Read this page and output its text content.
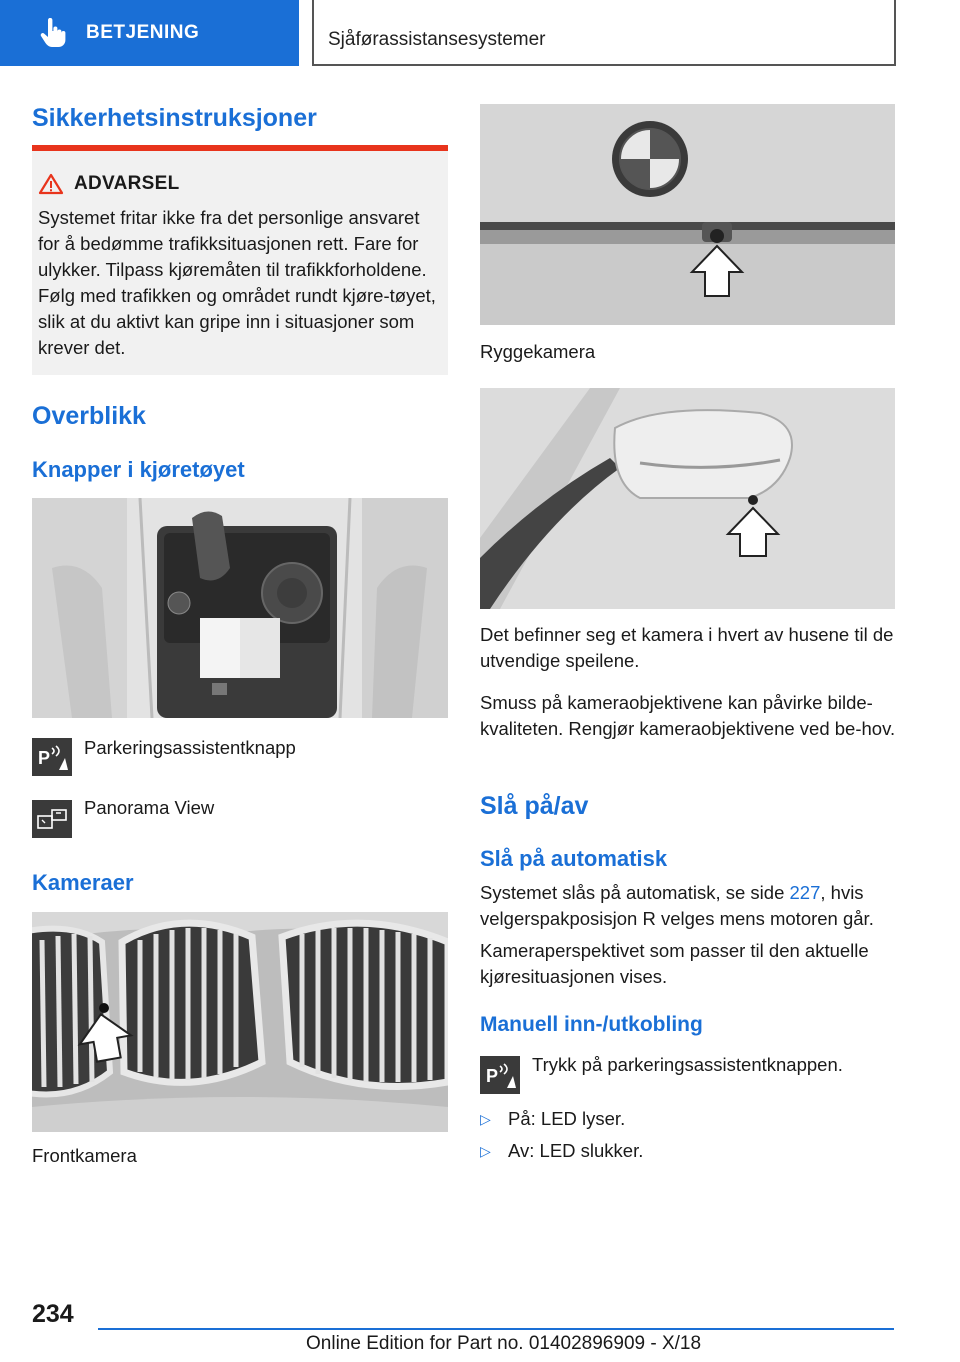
BETJENING	Sjåførassistansesystemer
Sikkerhetsinstruksjoner
ADVARSEL
Systemet fritar ikke fra det personlige ansvaret for å bedømme trafikksituasjonen rett. Fare for ulykker. Tilpass kjøremåten til trafikkforholdene. Følg med trafikken og området rundt kjøre-tøyet, slik at du aktivt kan gripe inn i situasjoner som krever det.
Overblikk
Knapper i kjøretøyet
P Parkeringsassistentknapp
Panorama View
Kameraer
Frontkamera
Ryggekamera
Det befinner seg et kamera i hvert av husene til de utvendige speilene.
Smuss på kameraobjektivene kan påvirke bilde-kvaliteten. Rengjør kameraobjektivene ved be-hov.
Slå på/av
Slå på automatisk
Systemet slås på automatisk, se side 227, hvis velgerspakposisjon R velges mens motoren går.
Kameraperspektivet som passer til den aktuelle kjøresituasjonen vises.
Manuell inn-/utkobling
P
Trykk på parkeringsassistentknappen.
▷ På: LED lyser.
▷ Av: LED slukker.
234
Online Edition for Part no. 01402896909 - X/18
